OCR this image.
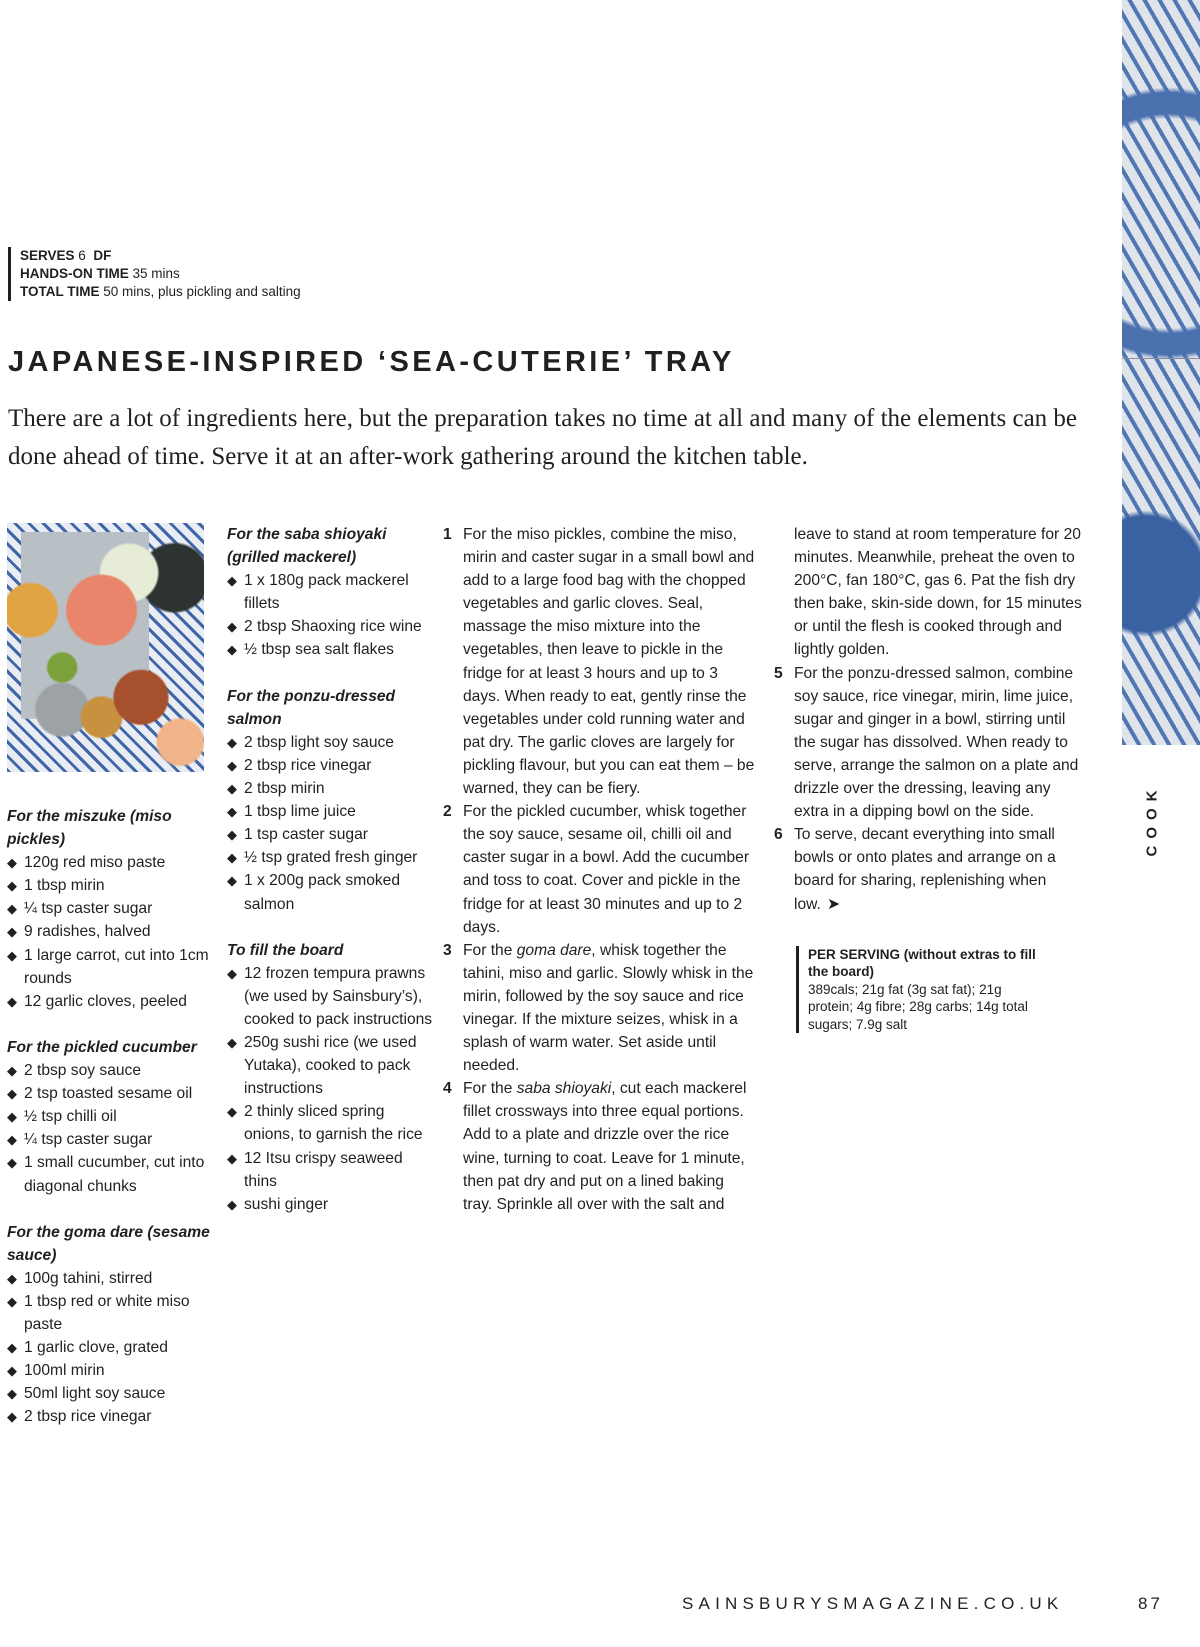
SERVES 6 DF
HANDS-ON TIME 35 mins
TOTAL TIME 50 mins, plus pickling and salting
JAPANESE-INSPIRED ‘SEA-CUTERIE’ TRAY

There are a lot of ingredients here, but the preparation takes no time at all and many of the elements can be done ahead of time. Serve it at an after-work gathering around the kitchen table.

For the miszuke (miso pickles)
◆ 120g red miso paste
◆ 1 tbsp mirin
◆ ¼ tsp caster sugar
◆ 9 radishes, halved
◆ 1 large carrot, cut into 1cm rounds
◆ 12 garlic cloves, peeled
For the pickled cucumber
◆ 2 tbsp soy sauce
◆ 2 tsp toasted sesame oil
◆ ½ tsp chilli oil
◆ ¼ tsp caster sugar
◆ 1 small cucumber, cut into diagonal chunks
For the goma dare (sesame sauce)
◆ 100g tahini, stirred
◆ 1 tbsp red or white miso paste
◆ 1 garlic clove, grated
◆ 100ml mirin
◆ 50ml light soy sauce
◆ 2 tbsp rice vinegar
For the saba shioyaki (grilled mackerel)
◆ 1 x 180g pack mackerel fillets
◆ 2 tbsp Shaoxing rice wine
◆ ½ tbsp sea salt flakes
For the ponzu-dressed salmon
◆ 2 tbsp light soy sauce
◆ 2 tbsp rice vinegar
◆ 2 tbsp mirin
◆ 1 tbsp lime juice
◆ 1 tsp caster sugar
◆ ½ tsp grated fresh ginger
◆ 1 x 200g pack smoked salmon
To fill the board
◆ 12 frozen tempura prawns (we used by Sainsbury’s), cooked to pack instructions
◆ 250g sushi rice (we used Yutaka), cooked to pack instructions
◆ 2 thinly sliced spring onions, to garnish the rice
◆ 12 Itsu crispy seaweed thins
◆ sushi ginger
1 For the miso pickles, combine the miso, mirin and caster sugar in a small bowl and add to a large food bag with the chopped vegetables and garlic cloves. Seal, massage the miso mixture into the vegetables, then leave to pickle in the fridge for at least 3 hours and up to 3 days. When ready to eat, gently rinse the vegetables under cold running water and pat dry. The garlic cloves are largely for pickling flavour, but you can eat them – be warned, they can be fiery.
2 For the pickled cucumber, whisk together the soy sauce, sesame oil, chilli oil and caster sugar in a bowl. Add the cucumber and toss to coat. Cover and pickle in the fridge for at least 30 minutes and up to 2 days.
3 For the goma dare, whisk together the tahini, miso and garlic. Slowly whisk in the mirin, followed by the soy sauce and rice vinegar. If the mixture seizes, whisk in a splash of warm water. Set aside until needed.
4 For the saba shioyaki, cut each mackerel fillet crossways into three equal portions. Add to a plate and drizzle over the rice wine, turning to coat. Leave for 1 minute, then pat dry and put on a lined baking tray. Sprinkle all over with the salt and
leave to stand at room temperature for 20 minutes. Meanwhile, preheat the oven to 200°C, fan 180°C, gas 6. Pat the fish dry then bake, skin-side down, for 15 minutes or until the flesh is cooked through and lightly golden.
5 For the ponzu-dressed salmon, combine soy sauce, rice vinegar, mirin, lime juice, sugar and ginger in a bowl, stirring until the sugar has dissolved. When ready to serve, arrange the salmon on a plate and drizzle over the dressing, leaving any extra in a dipping bowl on the side.
6 To serve, decant everything into small bowls or onto plates and arrange on a board for sharing, replenishing when low. ➤
PER SERVING (without extras to fill the board)
389cals; 21g fat (3g sat fat); 21g protein; 4g fibre; 28g carbs; 14g total sugars; 7.9g salt
COOK
SAINSBURYSMAGAZINE.CO.UK	87
